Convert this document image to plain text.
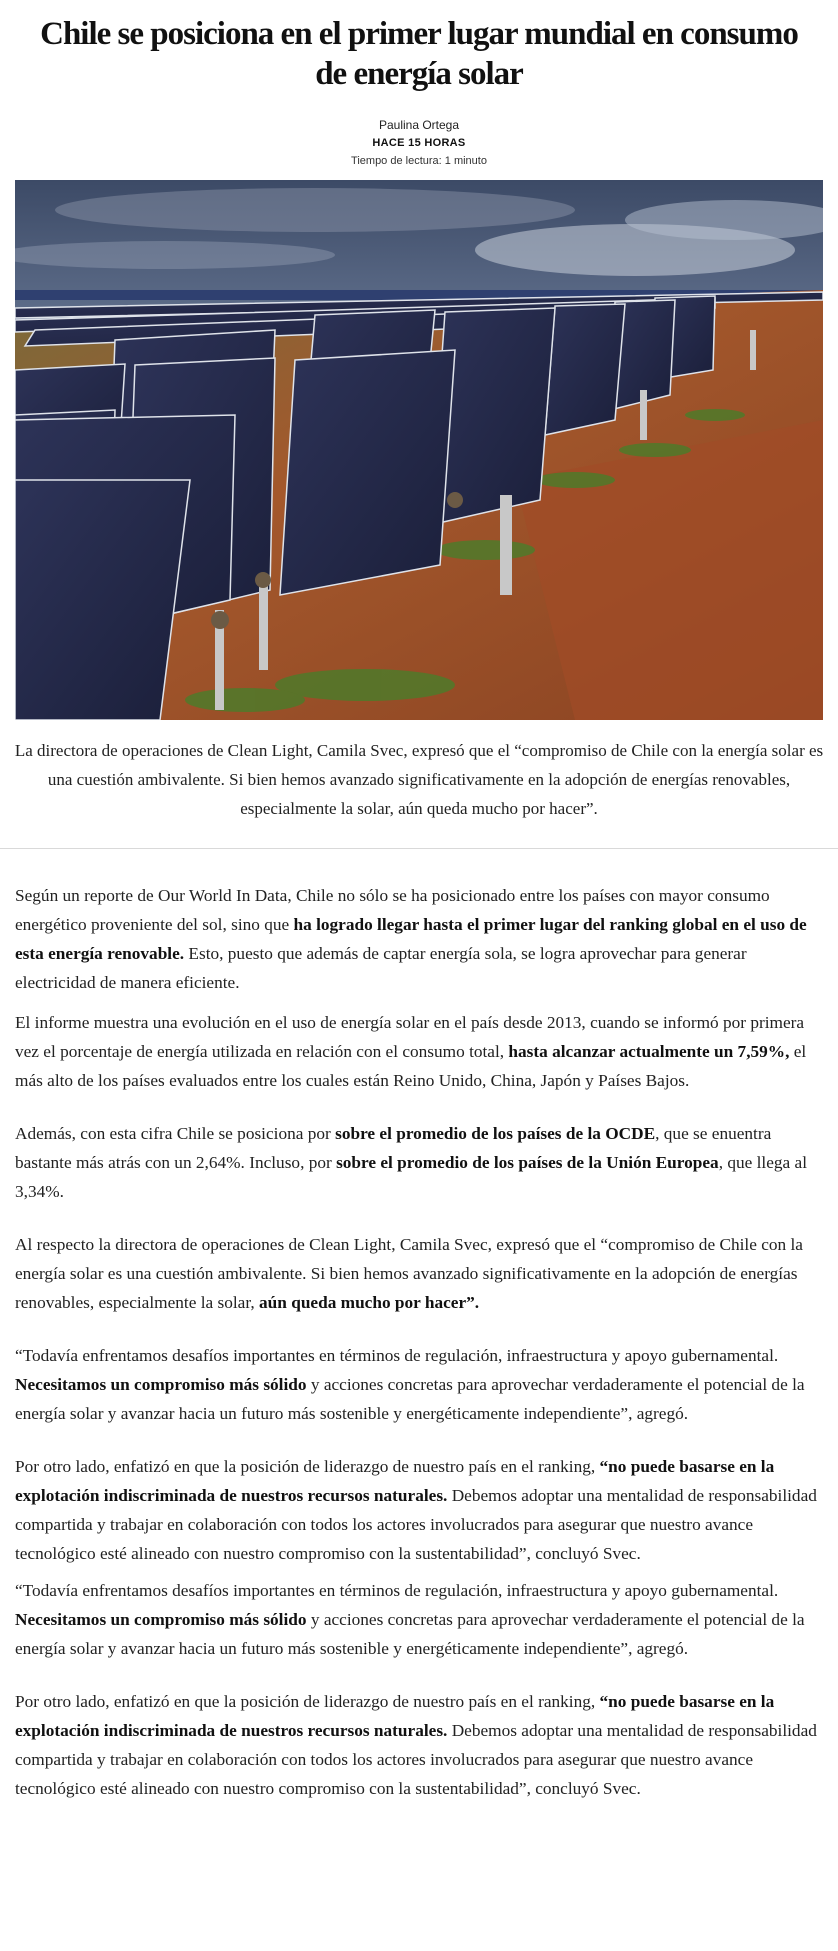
Chile se posiciona en el primer lugar mundial en consumo de energía solar
Paulina Ortega
HACE 15 HORAS
Tiempo de lectura: 1 minuto

La directora de operaciones de Clean Light, Camila Svec, expresó que el “compromiso de Chile con la energía solar es una cuestión ambivalente. Si bien hemos avanzado significativamente en la adopción de energías renovables, especialmente la solar, aún queda mucho por hacer”.

Según un reporte de Our World In Data, Chile no sólo se ha posicionado entre los países con mayor consumo energético proveniente del sol, sino que ha logrado llegar hasta el primer lugar del ranking global en el uso de esta energía renovable. Esto, puesto que además de captar energía sola, se logra aprovechar para generar electricidad de manera eficiente.

El informe muestra una evolución en el uso de energía solar en el país desde 2013, cuando se informó por primera vez el porcentaje de energía utilizada en relación con el consumo total, hasta alcanzar actualmente un 7,59%, el más alto de los países evaluados entre los cuales están Reino Unido, China, Japón y Países Bajos.

Además, con esta cifra Chile se posiciona por sobre el promedio de los países de la OCDE, que se enuentra bastante más atrás con un 2,64%. Incluso, por sobre el promedio de los países de la Unión Europea, que llega al 3,34%.

Al respecto la directora de operaciones de Clean Light, Camila Svec, expresó que el “compromiso de Chile con la energía solar es una cuestión ambivalente. Si bien hemos avanzado significativamente en la adopción de energías renovables, especialmente la solar, aún queda mucho por hacer”.

“Todavía enfrentamos desafíos importantes en términos de regulación, infraestructura y apoyo gubernamental. Necesitamos un compromiso más sólido y acciones concretas para aprovechar verdaderamente el potencial de la energía solar y avanzar hacia un futuro más sostenible y energéticamente independiente”, agregó.

Por otro lado, enfatizó en que la posición de liderazgo de nuestro país en el ranking, “no puede basarse en la explotación indiscriminada de nuestros recursos naturales. Debemos adoptar una mentalidad de responsabilidad compartida y trabajar en colaboración con todos los actores involucrados para asegurar que nuestro avance tecnológico esté alineado con nuestro compromiso con la sustentabilidad”, concluyó Svec.

“Todavía enfrentamos desafíos importantes en términos de regulación, infraestructura y apoyo gubernamental. Necesitamos un compromiso más sólido y acciones concretas para aprovechar verdaderamente el potencial de la energía solar y avanzar hacia un futuro más sostenible y energéticamente independiente”, agregó.

Por otro lado, enfatizó en que la posición de liderazgo de nuestro país en el ranking, “no puede basarse en la explotación indiscriminada de nuestros recursos naturales. Debemos adoptar una mentalidad de responsabilidad compartida y trabajar en colaboración con todos los actores involucrados para asegurar que nuestro avance tecnológico esté alineado con nuestro compromiso con la sustentabilidad”, concluyó Svec.
